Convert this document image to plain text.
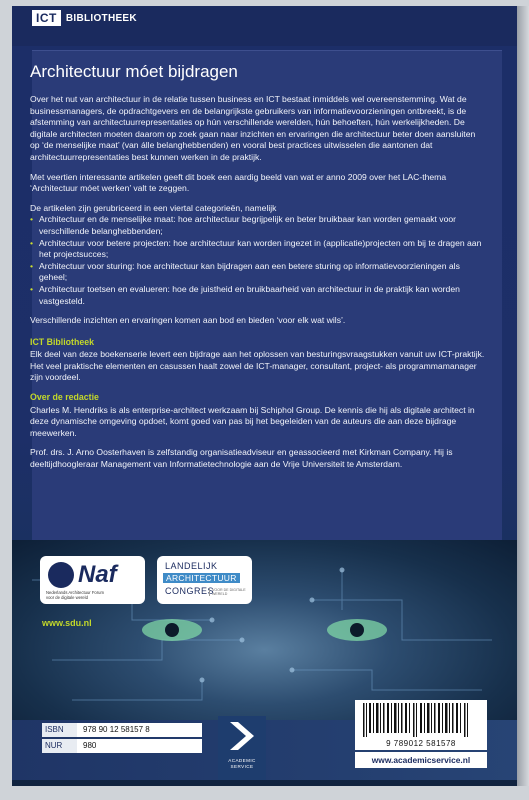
ICT BIBLIOTHEEK
Architectuur móet bijdragen

Over het nut van architectuur in de relatie tussen business en ICT bestaat inmiddels wel overeenstemming. Wat de businessmanagers, de opdrachtgevers en de belangrijkste gebruikers van informatievoorzieningen ontbreekt, is de afstemming van architectuurrepresentaties op hún verschillende werelden, hún behoeften, hún werkelijkheden. De digitale architecten moeten daarom op zoek gaan naar inzichten en ervaringen die architectuur beter doen aansluiten op ‘de menselijke maat’ (van álle belanghebbenden) en vooral best practices uitwisselen die aantonen dat architectuurrepresentaties best kunnen werken in de praktijk.

Met veertien interessante artikelen geeft dit boek een aardig beeld van wat er anno 2009 over het LAC-thema ‘Architectuur móet werken’ valt te zeggen.

De artikelen zijn gerubriceerd in een viertal categorieën, namelijk

• Architectuur en de menselijke maat: hoe architectuur begrijpelijk en beter bruikbaar kan worden gemaakt voor verschillende belanghebbenden;
• Architectuur voor betere projecten: hoe architectuur kan worden ingezet in (applicatie)projecten om bij te dragen aan het projectsucces;
• Architectuur voor sturing: hoe architectuur kan bijdragen aan een betere sturing op informatievoorzieningen als geheel;
• Architectuur toetsen en evalueren: hoe de juistheid en bruikbaarheid van architectuur in de praktijk kan worden vastgesteld.

Verschillende inzichten en ervaringen komen aan bod en bieden ‘voor elk wat wils’.

ICT Bibliotheek

Elk deel van deze boekenserie levert een bijdrage aan het oplossen van besturingsvraagstukken vanuit uw ICT-praktijk. Het veel praktische elementen en casussen haalt zowel de ICT-manager, consultant, project- als programmamanager zijn voordeel.

Over de redactie

Charles M. Hendriks is als enterprise-architect werkzaam bij Schiphol Group. De kennis die hij als digitale architect in deze dynamische omgeving opdoet, komt goed van pas bij het begeleiden van de auteurs die aan deze bijdrage meewerken.

Prof. drs. J. Arno Oosterhaven is zelfstandig organisatieadviseur en geassocieerd met Kirkman Company. Hij is deeltijdhoogleraar Management van Informatietechnologie aan de Vrije Universiteit te Amsterdam.

Naf
Nederlands Architectuur Forum voor de digitale wereld
LANDELIJK
ARCHITECTUUR
CONGRES
VOOR DE DIGITALE WERELD
www.sdu.nl
ISBN	978 90 12 58157 8
NUR	980
ACADEMIC SERVICE
9 789012 581578
www.academicservice.nl
